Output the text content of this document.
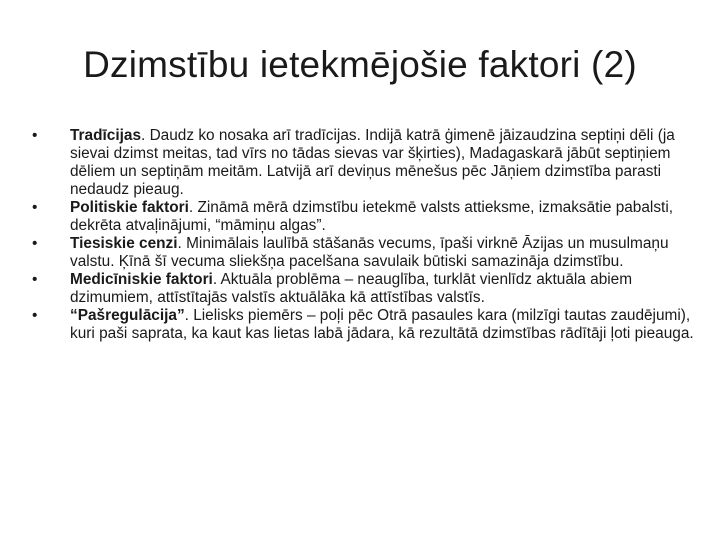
Dzimstību ietekmējošie faktori (2)
• Tradīcijas. Daudz ko nosaka arī tradīcijas. Indijā katrā ģimenē jāizaudzina septiņi dēli (ja sievai dzimst meitas, tad vīrs no tādas sievas var šķirties), Madagaskarā jābūt septiņiem dēliem un septiņām meitām. Latvijā arī deviņus mēnešus pēc Jāņiem dzimstība parasti nedaudz pieaug.
• Politiskie faktori. Zināmā mērā dzimstību ietekmē valsts attieksme, izmaksātie pabalsti, dekrēta atvaļinājumi, “māmiņu algas”.
• Tiesiskie cenzi. Minimālais laulībā stāšanās vecums, īpaši virknē Āzijas un musulmaņu valstu. Ķīnā šī vecuma sliekšņa pacelšana savulaik būtiski samazināja dzimstību.
• Medicīniskie faktori. Aktuāla problēma – neauglība, turklāt vienlīdz aktuāla abiem dzimumiem, attīstītajās valstīs aktuālāka kā attīstības valstīs.
• “Pašregulācija”. Lielisks piemērs – poļi pēc Otrā pasaules kara (milzīgi tautas zaudējumi), kuri paši saprata, ka kaut kas lietas labā jādara, kā rezultātā dzimstības rādītāji ļoti pieauga.
